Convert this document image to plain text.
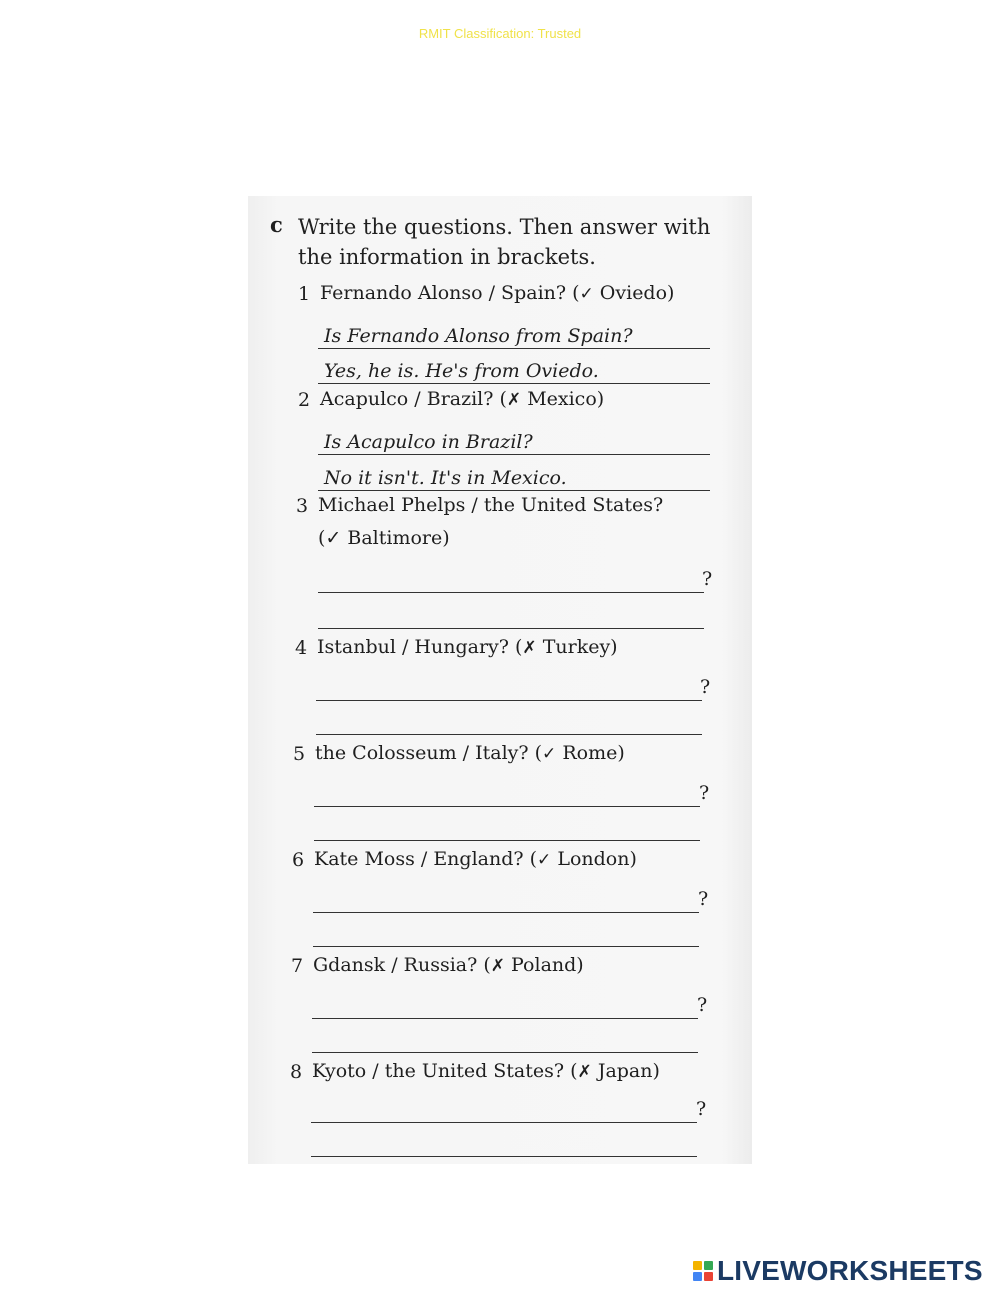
RMIT Classification: Trusted
c Write the questions. Then answer with the information in brackets.
1 Fernando Alonso / Spain? (✓ Oviedo)
Is Fernando Alonso from Spain?
Yes, he is. He's from Oviedo.
2 Acapulco / Brazil? (✗ Mexico)
Is Acapulco in Brazil?
No it isn't. It's in Mexico.
3 Michael Phelps / the United States?
(✓ Baltimore)
?
4 Istanbul / Hungary? (✗ Turkey)
?
5 the Colosseum / Italy? (✓ Rome)
?
6 Kate Moss / England? (✓ London)
?
7 Gdansk / Russia? (✗ Poland)
?
8 Kyoto / the United States? (✗ Japan)
?
LIVEWORKSHEETS
